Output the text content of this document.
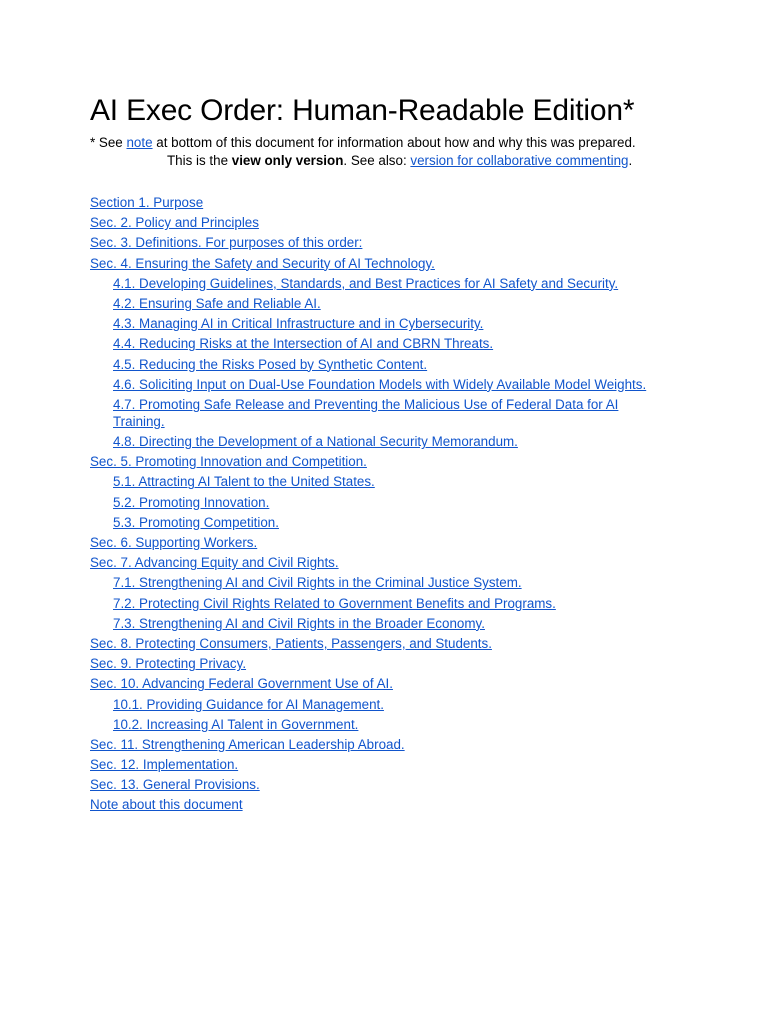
AI Exec Order: Human-Readable Edition*

* See note at bottom of this document for information about how and why this was prepared.

This is the view only version. See also: version for collaborative commenting.

Section 1. Purpose
Sec. 2. Policy and Principles
Sec. 3. Definitions. For purposes of this order:
Sec. 4. Ensuring the Safety and Security of AI Technology.
4.1. Developing Guidelines, Standards, and Best Practices for AI Safety and Security.
4.2. Ensuring Safe and Reliable AI.
4.3. Managing AI in Critical Infrastructure and in Cybersecurity.
4.4. Reducing Risks at the Intersection of AI and CBRN Threats.
4.5. Reducing the Risks Posed by Synthetic Content.
4.6. Soliciting Input on Dual-Use Foundation Models with Widely Available Model Weights.
4.7. Promoting Safe Release and Preventing the Malicious Use of Federal Data for AI Training.
4.8. Directing the Development of a National Security Memorandum.
Sec. 5. Promoting Innovation and Competition.
5.1. Attracting AI Talent to the United States.
5.2. Promoting Innovation.
5.3. Promoting Competition.
Sec. 6. Supporting Workers.
Sec. 7. Advancing Equity and Civil Rights.
7.1. Strengthening AI and Civil Rights in the Criminal Justice System.
7.2. Protecting Civil Rights Related to Government Benefits and Programs.
7.3. Strengthening AI and Civil Rights in the Broader Economy.
Sec. 8. Protecting Consumers, Patients, Passengers, and Students.
Sec. 9. Protecting Privacy.
Sec. 10. Advancing Federal Government Use of AI.
10.1. Providing Guidance for AI Management.
10.2. Increasing AI Talent in Government.
Sec. 11. Strengthening American Leadership Abroad.
Sec. 12. Implementation.
Sec. 13. General Provisions.
Note about this document
